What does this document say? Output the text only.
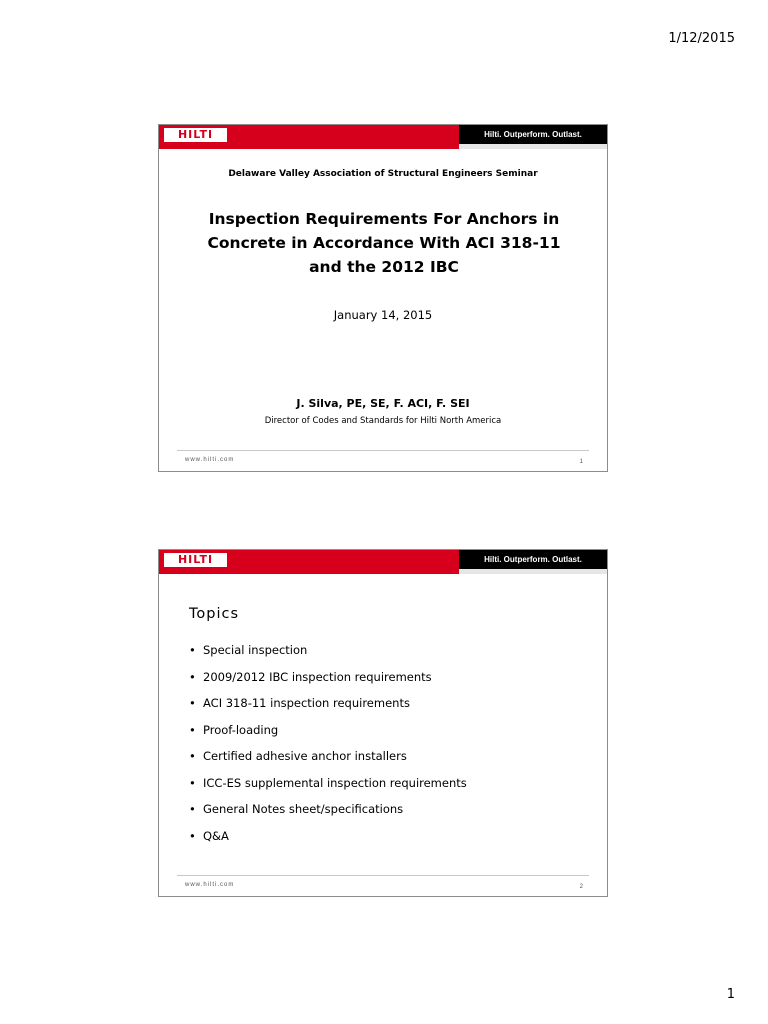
1/12/2015
HILTI	Hilti. Outperform. Outlast.
Delaware Valley Association of Structural Engineers Seminar
Inspection Requirements For Anchors in Concrete in Accordance With ACI 318-11 and the 2012 IBC
January 14, 2015
J. Silva, PE, SE, F. ACI, F. SEI
Director of Codes and Standards for Hilti North America
www.hilti.com	1
HILTI	Hilti. Outperform. Outlast.
Topics
• Special inspection
• 2009/2012 IBC inspection requirements
• ACI 318-11 inspection requirements
• Proof-loading
• Certified adhesive anchor installers
• ICC-ES supplemental inspection requirements
• General Notes sheet/specifications
• Q&A
www.hilti.com	2
1
